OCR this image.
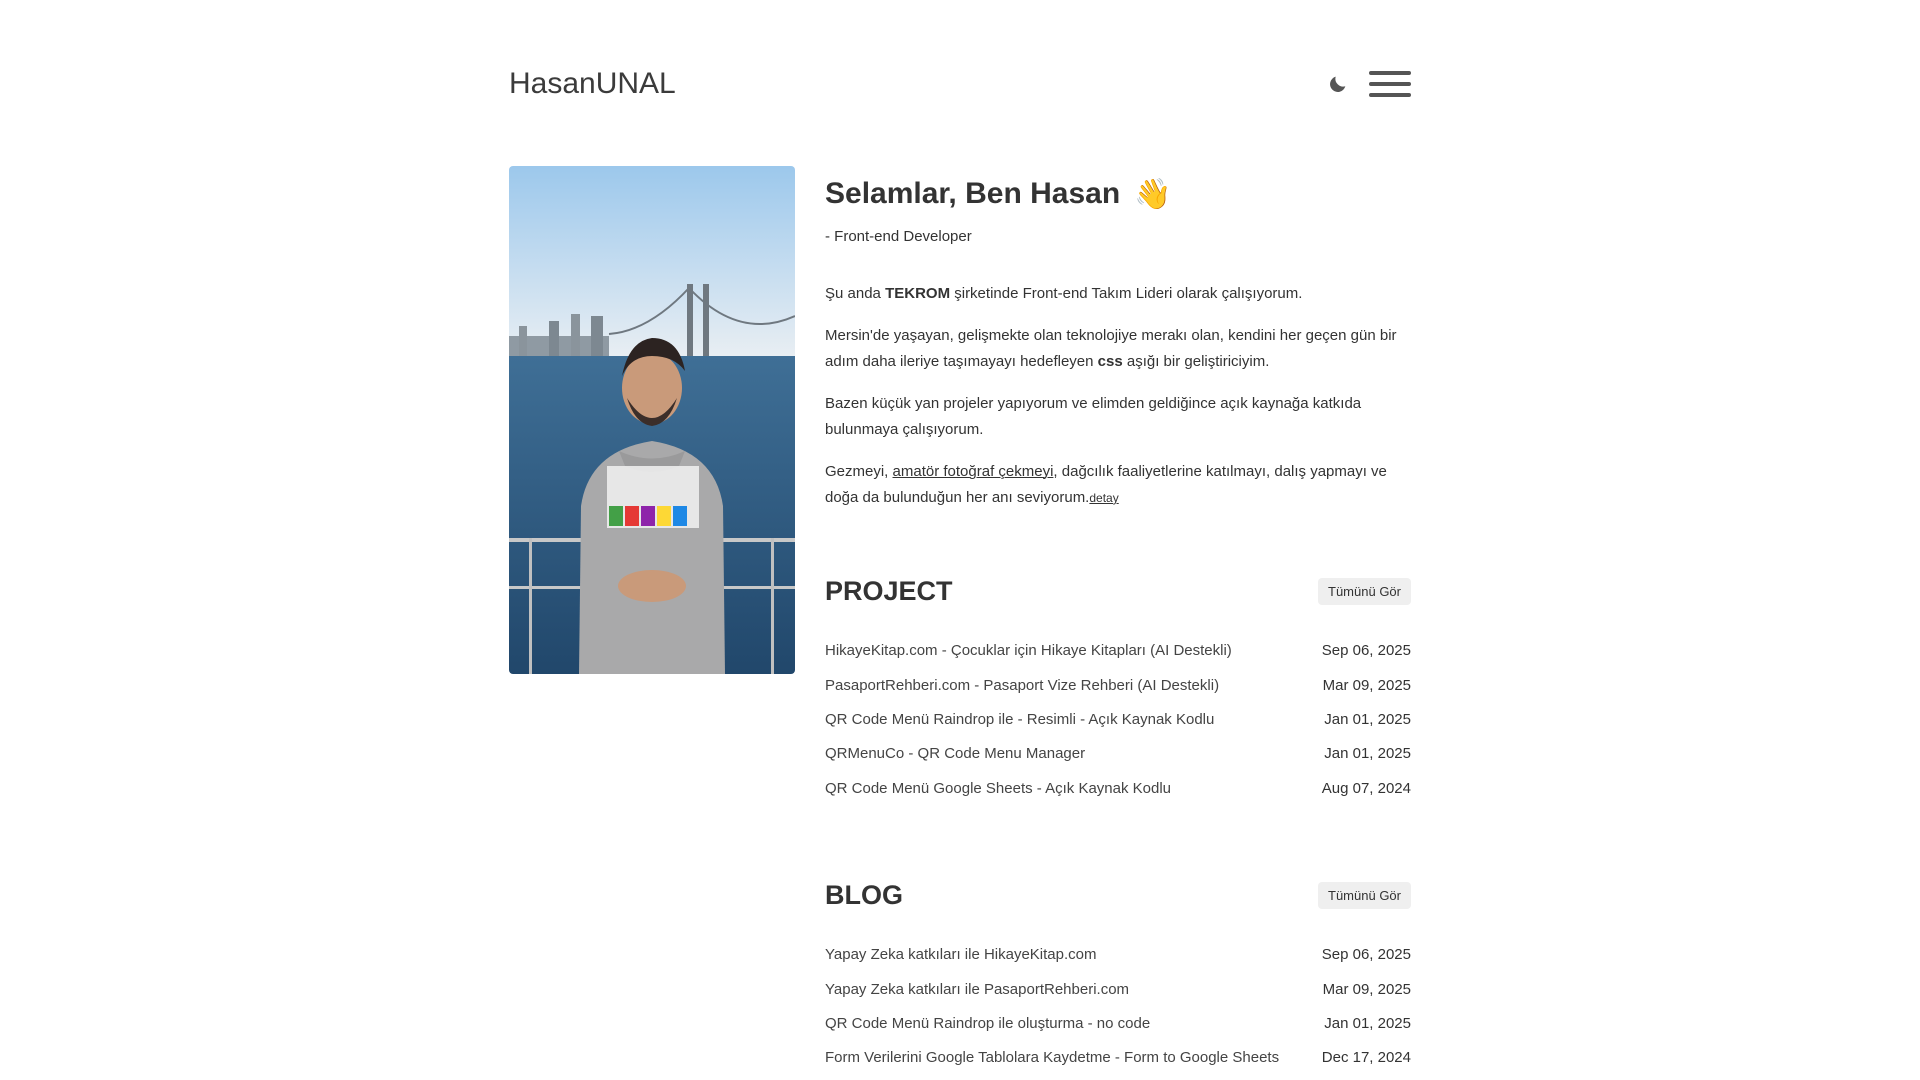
HasanUNAL
Selamlar, Ben Hasan 👋
- Front-end Developer

Şu anda TEKROM şirketinde Front-end Takım Lideri olarak çalışıyorum.

Mersin'de yaşayan, gelişmekte olan teknolojiye merakı olan, kendini her geçen gün bir adım daha ileriye taşımayayı hedefleyen css aşığı bir geliştiriciyim.

Bazen küçük yan projeler yapıyorum ve elimden geldiğince açık kaynağa katkıda bulunmaya çalışıyorum.

Gezmeyi, amatör fotoğraf çekmeyi, dağcılık faaliyetlerine katılmayı, dalış yapmayı ve doğa da bulunduğun her anı seviyorum.detay

PROJECT	Tümünü Gör
HikayeKitap.com - Çocuklar için Hikaye Kitapları (AI Destekli)	Sep 06, 2025
PasaportRehberi.com - Pasaport Vize Rehberi (AI Destekli)	Mar 09, 2025
QR Code Menü Raindrop ile - Resimli - Açık Kaynak Kodlu	Jan 01, 2025
QRMenuCo - QR Code Menu Manager	Jan 01, 2025
QR Code Menü Google Sheets - Açık Kaynak Kodlu	Aug 07, 2024
BLOG	Tümünü Gör
Yapay Zeka katkıları ile HikayeKitap.com	Sep 06, 2025
Yapay Zeka katkıları ile PasaportRehberi.com	Mar 09, 2025
QR Code Menü Raindrop ile oluşturma - no code	Jan 01, 2025
Form Verilerini Google Tablolara Kaydetme - Form to Google Sheets	Dec 17, 2024
